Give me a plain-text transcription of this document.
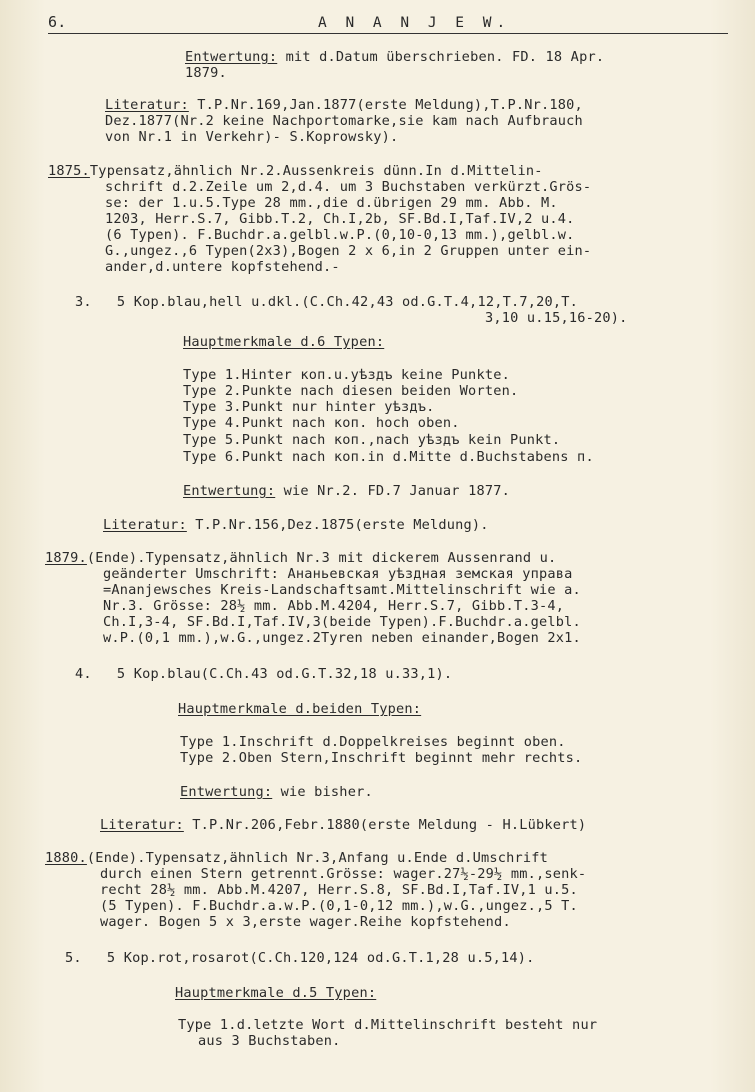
6.	A N A N J E W.
Entwertung: mit d.Datum überschrieben. FD. 18 Apr.
1879.
Literatur: T.P.Nr.169,Jan.1877(erste Meldung),T.P.Nr.180,
Dez.1877(Nr.2 keine Nachportomarke,sie kam nach Aufbrauch
von Nr.1 in Verkehr)- S.Koprowsky).
1875.Typensatz,ähnlich Nr.2.Aussenkreis dünn.In d.Mittelin-
schrift d.2.Zeile um 2,d.4. um 3 Buchstaben verkürzt.Grös-
se: der 1.u.5.Type 28 mm.,die d.übrigen 29 mm. Abb. M.
1203, Herr.S.7, Gibb.T.2, Ch.I,2b, SF.Bd.I,Taf.IV,2 u.4.
(6 Typen). F.Buchdr.a.gelbl.w.P.(0,10-0,13 mm.),gelbl.w.
G.,ungez.,6 Typen(2x3),Bogen 2 x 6,in 2 Gruppen unter ein-
ander,d.untere kopfstehend.-
3.   5 Kop.blau,hell u.dkl.(C.Ch.42,43 od.G.T.4,12,T.7,20,T.
3,10 u.15,16-20).
Hauptmerkmale d.6 Typen:
Type 1.Hinter коп.u.уѣздъ keine Punkte.
Type 2.Punkte nach diesen beiden Worten.
Type 3.Punkt nur hinter уѣздъ.
Type 4.Punkt nach коп. hoch oben.
Type 5.Punkt nach коп.,nach уѣздъ kein Punkt.
Type 6.Punkt nach коп.in d.Mitte d.Buchstabens п.
Entwertung: wie Nr.2. FD.7 Januar 1877.
Literatur: T.P.Nr.156,Dez.1875(erste Meldung).
1879.(Ende).Typensatz,ähnlich Nr.3 mit dickerem Aussenrand u.
geänderter Umschrift: Ананьевская уѣздная земская управа
=Ananjewsches Kreis-Landschaftsamt.Mittelinschrift wie a.
Nr.3. Grösse: 28½ mm. Abb.M.4204, Herr.S.7, Gibb.T.3-4,
Ch.I,3-4, SF.Bd.I,Taf.IV,3(beide Typen).F.Buchdr.a.gelbl.
w.P.(0,1 mm.),w.G.,ungez.2Tyren neben einander,Bogen 2x1.
4.   5 Kop.blau(C.Ch.43 od.G.T.32,18 u.33,1).
Hauptmerkmale d.beiden Typen:
Type 1.Inschrift d.Doppelkreises beginnt oben.
Type 2.Oben Stern,Inschrift beginnt mehr rechts.
Entwertung: wie bisher.
Literatur: T.P.Nr.206,Febr.1880(erste Meldung - H.Lübkert)
1880.(Ende).Typensatz,ähnlich Nr.3,Anfang u.Ende d.Umschrift
durch einen Stern getrennt.Grösse: wager.27½-29½ mm.,senk-
recht 28½ mm. Abb.M.4207, Herr.S.8, SF.Bd.I,Taf.IV,1 u.5.
(5 Typen). F.Buchdr.a.w.P.(0,1-0,12 mm.),w.G.,ungez.,5 T.
wager. Bogen 5 x 3,erste wager.Reihe kopfstehend.
5.   5 Kop.rot,rosarot(C.Ch.120,124 od.G.T.1,28 u.5,14).
Hauptmerkmale d.5 Typen:
Type 1.d.letzte Wort d.Mittelinschrift besteht nur
aus 3 Buchstaben.
